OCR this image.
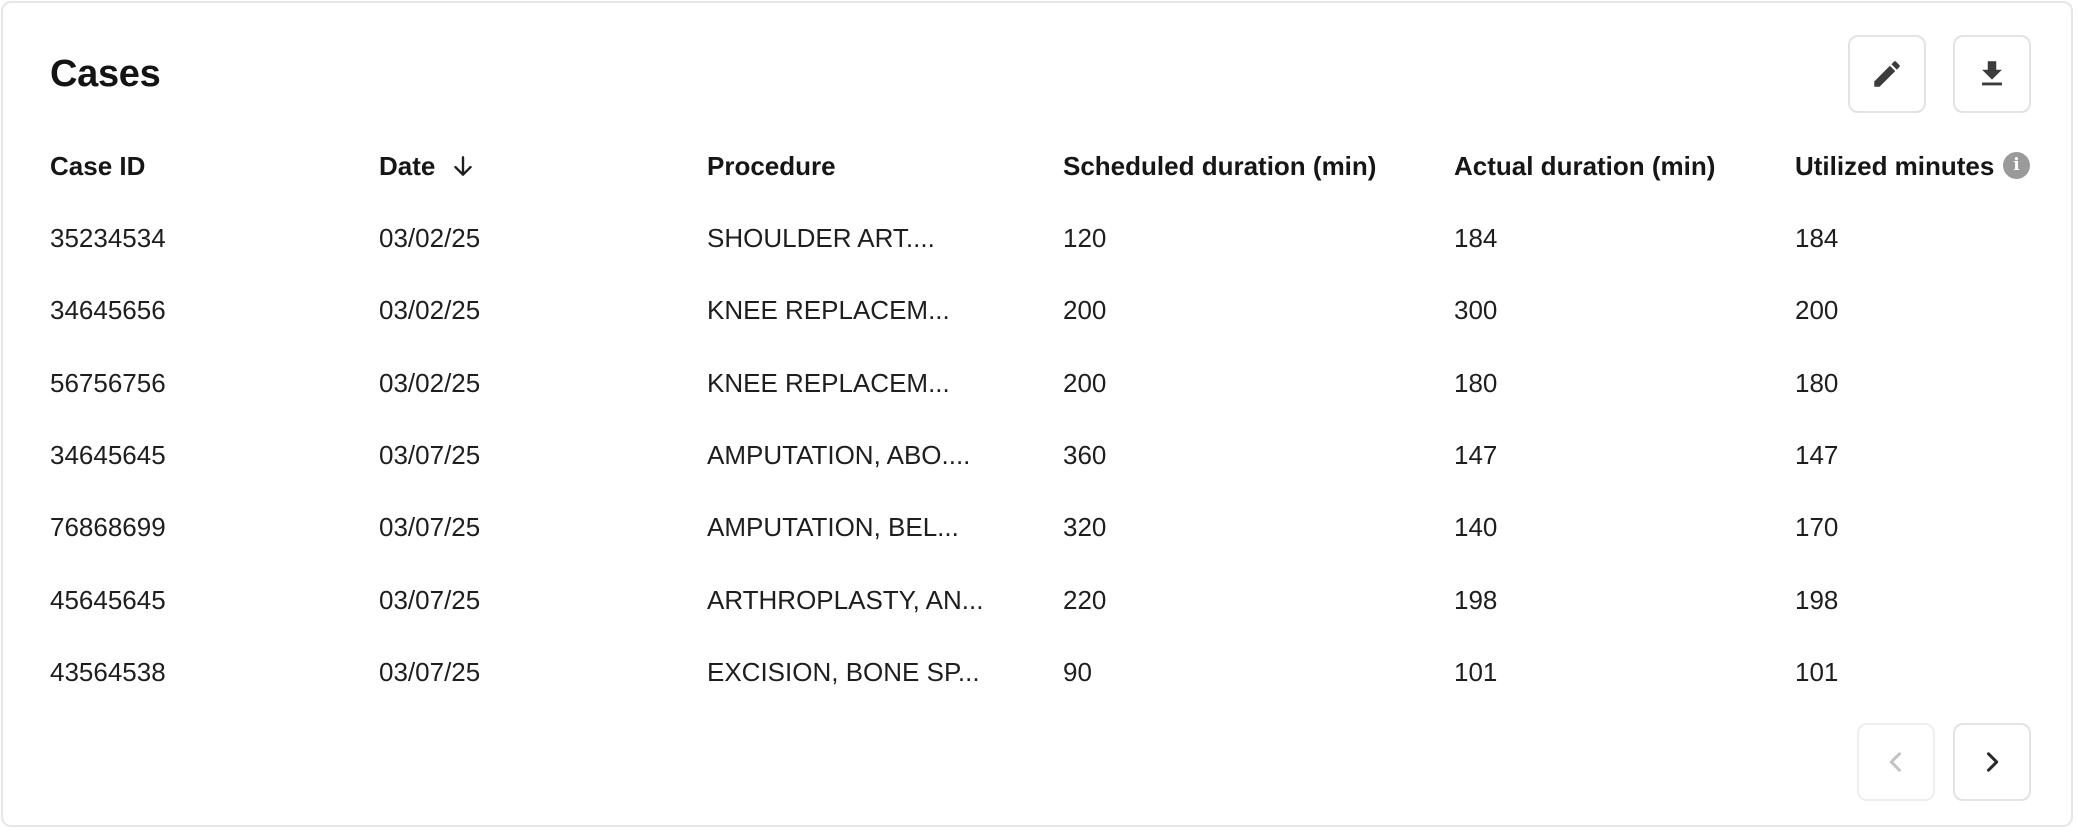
Cases
Case ID	Date	Procedure	Scheduled duration (min)	Actual duration (min)	Utilized minutes
35234534	03/02/25	SHOULDER ART....	120	184	184
34645656	03/02/25	KNEE REPLACEM...	200	300	200
56756756	03/02/25	KNEE REPLACEM...	200	180	180
34645645	03/07/25	AMPUTATION, ABO....	360	147	147
76868699	03/07/25	AMPUTATION, BEL...	320	140	170
45645645	03/07/25	ARTHROPLASTY, AN...	220	198	198
43564538	03/07/25	EXCISION, BONE SP...	90	101	101
i
